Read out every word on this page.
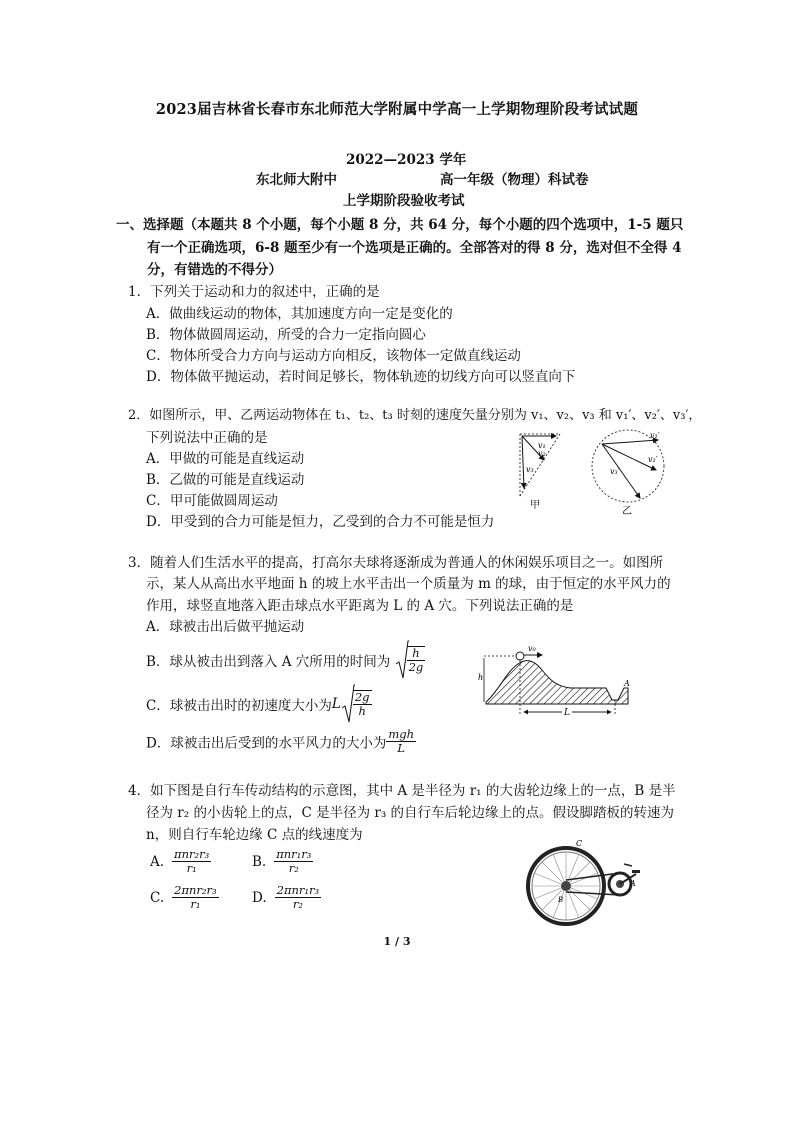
2023届吉林省长春市东北师范大学附属中学高一上学期物理阶段考试试题
2022—2023 学年
东北师大附中	高一年级（物理）科试卷
上学期阶段验收考试
一、选择题（本题共 8 个小题，每个小题 8 分，共 64 分，每个小题的四个选项中，1-5 题只
有一个正确选项，6-8 题至少有一个选项是正确的。全部答对的得 8 分，选对但不全得 4
分，有错选的不得分）
1．下列关于运动和力的叙述中，正确的是
A．做曲线运动的物体，其加速度方向一定是变化的
B．物体做圆周运动，所受的合力一定指向圆心
C．物体所受合力方向与运动方向相反，该物体一定做直线运动
D．物体做平抛运动，若时间足够长，物体轨迹的切线方向可以竖直向下
2．如图所示，甲、乙两运动物体在 t₁、t₂、t₃ 时刻的速度矢量分别为 v₁、v₂、v₃ 和 v₁′、v₂′、v₃′，
下列说法中正确的是
A．甲做的可能是直线运动
B．乙做的可能是直线运动
C．甲可能做圆周运动
D．甲受到的合力可能是恒力，乙受到的合力不可能是恒力
v₁
v₂
v₃
甲
v₁′
v₂′
v₃′
乙
3．随着人们生活水平的提高，打高尔夫球将逐渐成为普通人的休闲娱乐项目之一。如图所
示，某人从高出水平地面 h 的坡上水平击出一个质量为 m 的球，由于恒定的水平风力的
作用，球竖直地落入距击球点水平距离为 L 的 A 穴。下列说法正确的是
A．球被击出后做平抛运动
B．球从被击出到落入 A 穴所用的时间为 $\frac{h}{2g}$
C．球被击出时的初速度大小为L $\frac{2g}{h}$
D．球被击出后受到的水平风力的大小为 $\frac{\text{mgh}}{L}$
v₀
h
L
A
4．如下图是自行车传动结构的示意图，其中 A 是半径为 r₁ 的大齿轮边缘上的一点，B 是半
径为 r₂ 的小齿轮上的点，C 是半径为 r₃ 的自行车后轮边缘上的点。假设脚踏板的转速为
n，则自行车轮边缘 C 点的线速度为
A. $\frac{\text{πnr₂r₃}}{\text{r₁}}$	B. $\frac{\text{πnr₁r₃}}{\text{r₂}}$
C. $\frac{\text{2πnr₂r₃}}{\text{r₁}} D$. $\frac{\text{2πnr₁r₃}}{\text{r₂}}$
C
A
B
1 / 3
